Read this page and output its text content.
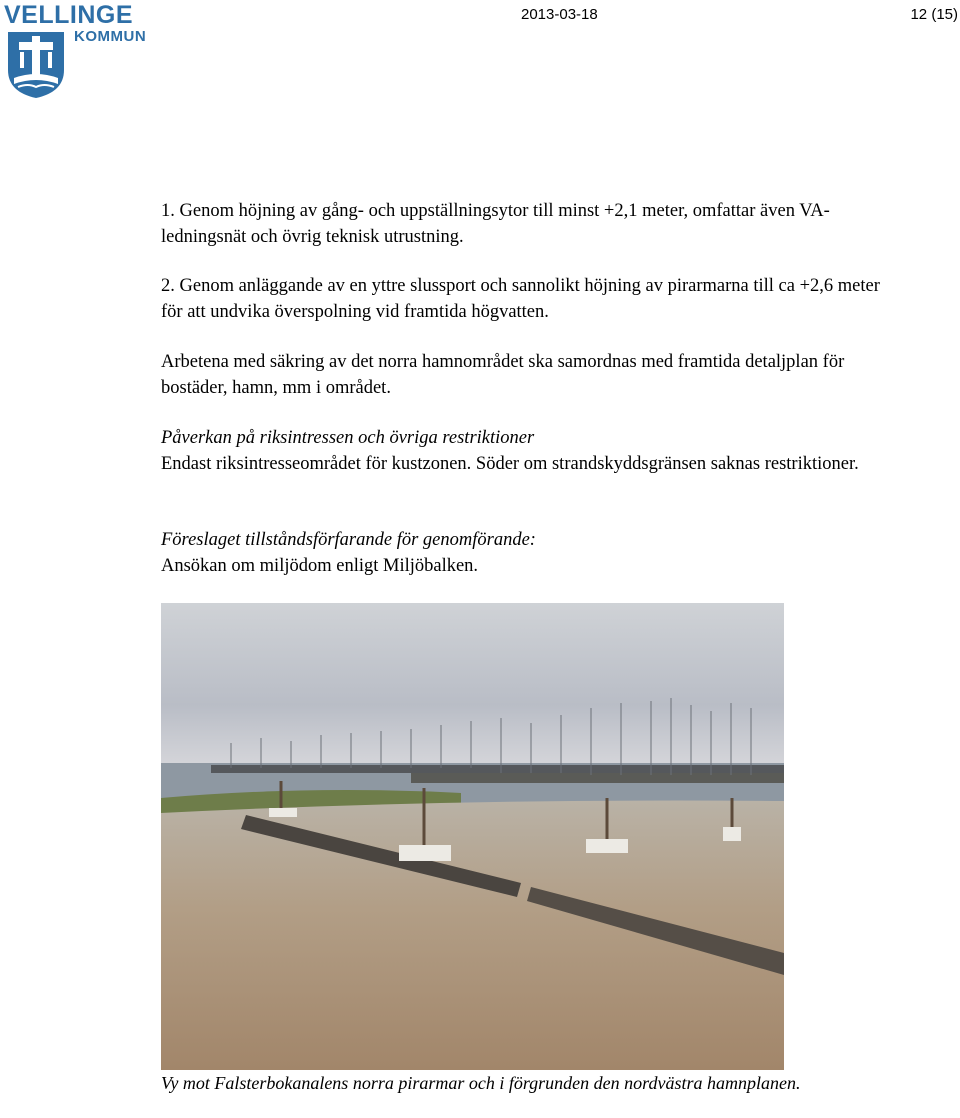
VELLINGE
KOMMUN
2013-03-18	12 (15)

1. Genom höjning av gång- och uppställningsytor till minst +2,1 meter, omfattar även VA-ledningsnät och övrig teknisk utrustning.

2. Genom anläggande av en yttre slussport och sannolikt höjning av pirarmarna till ca +2,6 meter för att undvika överspolning vid framtida högvatten.

Arbetena med säkring av det norra hamnområdet ska samordnas med framtida detaljplan för bostäder, hamn, mm i området.

Påverkan på riksintressen och övriga restriktioner

Endast riksintresseområdet för kustzonen. Söder om strandskyddsgränsen saknas restriktioner.

Föreslaget tillståndsförfarande för genomförande:

Ansökan om miljödom enligt Miljöbalken.

Vy mot Falsterbokanalens norra pirarmar och i förgrunden den nordvästra hamnplanen.
